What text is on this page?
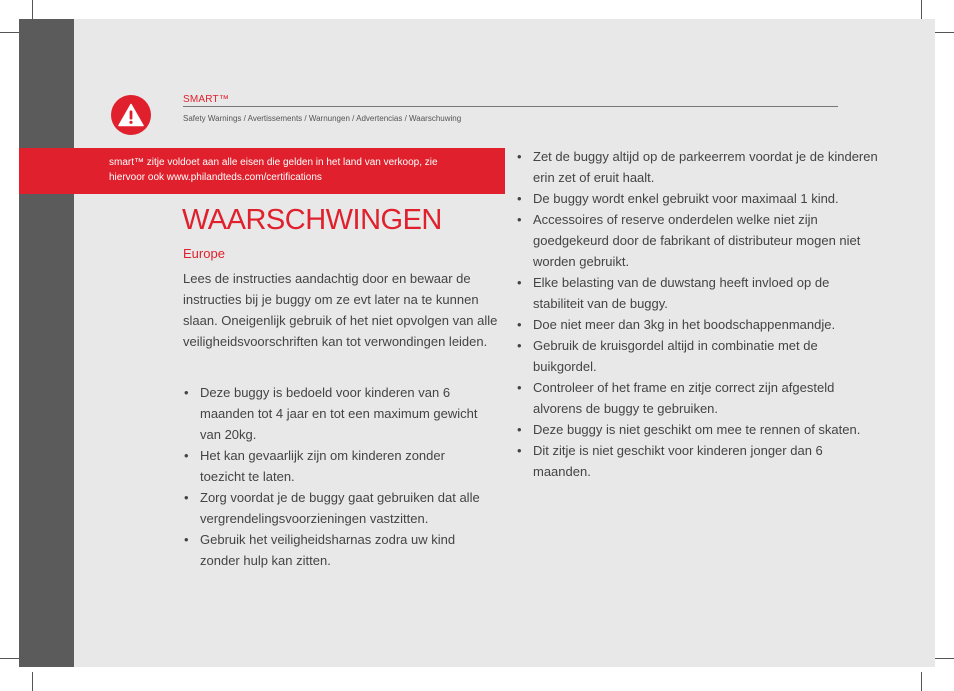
SMART™
Safety Warnings / Avertissements / Warnungen / Advertencias / Waarschuwing
smart™ zitje voldoet aan alle eisen die gelden in het land van verkoop, zie
hiervoor ook www.philandteds.com/certifications
WAARSCHWINGEN
Europe

Lees de instructies aandachtig door en bewaar de instructies bij je buggy om ze evt later na te kunnen slaan. Oneigenlijk gebruik of het niet opvolgen van alle veiligheidsvoorschriften kan tot verwondingen leiden.

• Deze buggy is bedoeld voor kinderen van 6 maanden tot 4 jaar en tot een maximum gewicht van 20kg.
• Het kan gevaarlijk zijn om kinderen zonder toezicht te laten.
• Zorg voordat je de buggy gaat gebruiken dat alle vergrendelingsvoorzieningen vastzitten.
• Gebruik het veiligheidsharnas zodra uw kind zonder hulp kan zitten.
• Zet de buggy altijd op de parkeerrem voordat je de kinderen erin zet of eruit haalt.
• De buggy wordt enkel gebruikt voor maximaal 1 kind.
• Accessoires of reserve onderdelen welke niet zijn goedgekeurd door de fabrikant of distributeur mogen niet worden gebruikt.
• Elke belasting van de duwstang heeft invloed op de stabiliteit van de buggy.
• Doe niet meer dan 3kg in het boodschappenmandje.
• Gebruik de kruisgordel altijd in combinatie met de buikgordel.
• Controleer of het frame en zitje correct zijn afgesteld alvorens de buggy te gebruiken.
• Deze buggy is niet geschikt om mee te rennen of skaten.
• Dit zitje is niet geschikt voor kinderen jonger dan 6 maanden.
